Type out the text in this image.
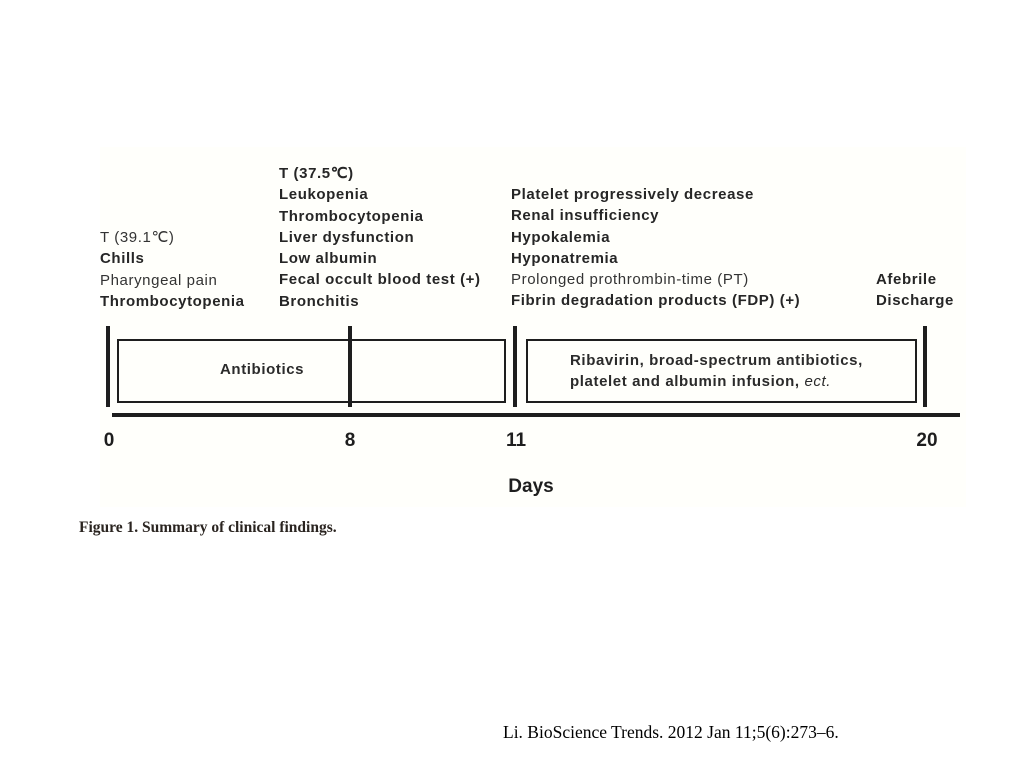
T (39.1℃)
Chills
Pharyngeal pain
Thrombocytopenia
T (37.5℃)
Leukopenia
Thrombocytopenia
Liver dysfunction
Low albumin
Fecal occult blood test (+)
Bronchitis
Platelet progressively decrease
Renal insufficiency
Hypokalemia
Hyponatremia
Prolonged prothrombin-time (PT)
Fibrin degradation products (FDP) (+)
Afebrile
Discharge
Antibiotics
Ribavirin, broad-spectrum antibiotics,
platelet and albumin infusion, ect.
0	8	11	20
Days
Figure 1. Summary of clinical findings.
Li. BioScience Trends. 2012 Jan 11;5(6):273–6.
